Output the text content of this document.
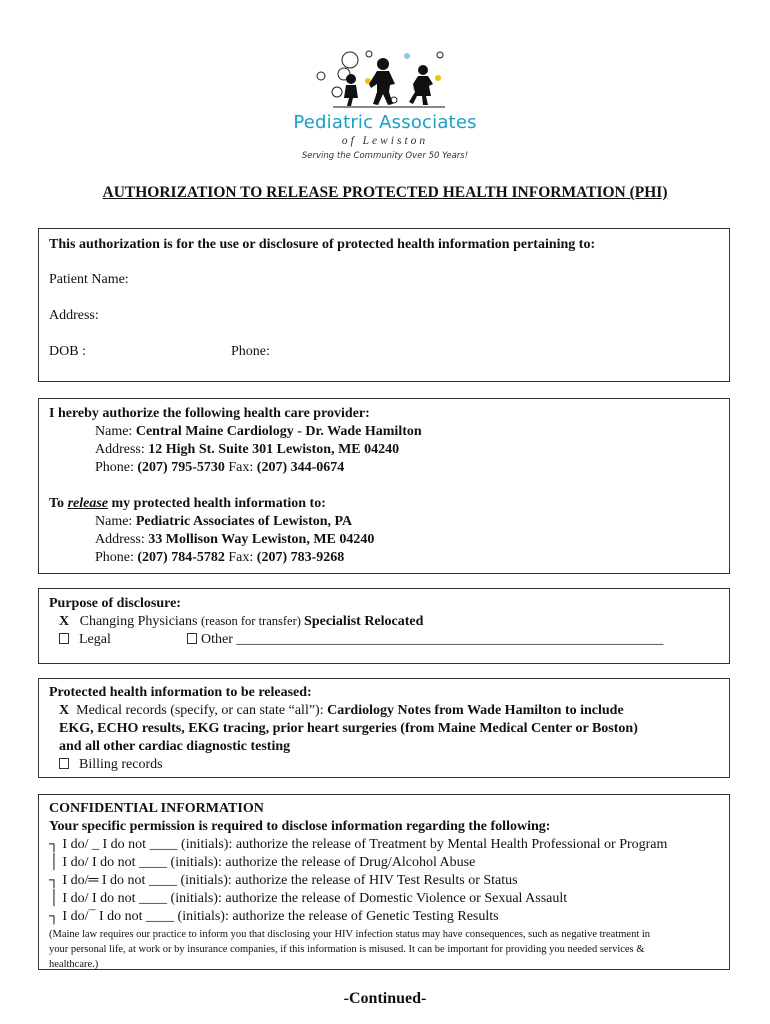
Pediatric Associates
of Lewiston
Serving the Community Over 50 Years!
AUTHORIZATION TO RELEASE PROTECTED HEALTH INFORMATION (PHI)
This authorization is for the use or disclosure of protected health information pertaining to:
Patient Name:
Address:
DOB :	Phone:
I hereby authorize the following health care provider:
Name: Central Maine Cardiology - Dr. Wade Hamilton
Address: 12 High St. Suite 301 Lewiston, ME 04240
Phone: (207) 795-5730 Fax: (207) 344-0674
To release my protected health information to:
Name: Pediatric Associates of Lewiston, PA
Address: 33 Mollison Way Lewiston, ME 04240
Phone: (207) 784-5782 Fax: (207) 783-9268
Purpose of disclosure:
X Changing Physicians (reason for transfer) Specialist Relocated
Legal	Other _____________________________________________________________
Protected health information to be released:
X Medical records (specify, or can state “all”): Cardiology Notes from Wade Hamilton to include
EKG, ECHO results, EKG tracing, prior heart surgeries (from Maine Medical Center or Boston)
and all other cardiac diagnostic testing
Billing records
CONFIDENTIAL INFORMATION
Your specific permission is required to disclose information regarding the following:
┐ I do/ _ I do not ____ (initials): authorize the release of Treatment by Mental Health Professional or Program
│ I do/ I do not ____ (initials): authorize the release of Drug/Alcohol Abuse
┐ I do/═ I do not ____ (initials): authorize the release of HIV Test Results or Status
│ I do/ I do not ____ (initials): authorize the release of Domestic Violence or Sexual Assault
┐ I do/¯ I do not ____ (initials): authorize the release of Genetic Testing Results
(Maine law requires our practice to inform you that disclosing your HIV infection status may have consequences, such as negative treatment in
your personal life, at work or by insurance companies, if this information is misused. It can be important for providing you needed services &
healthcare.)
-Continued-
